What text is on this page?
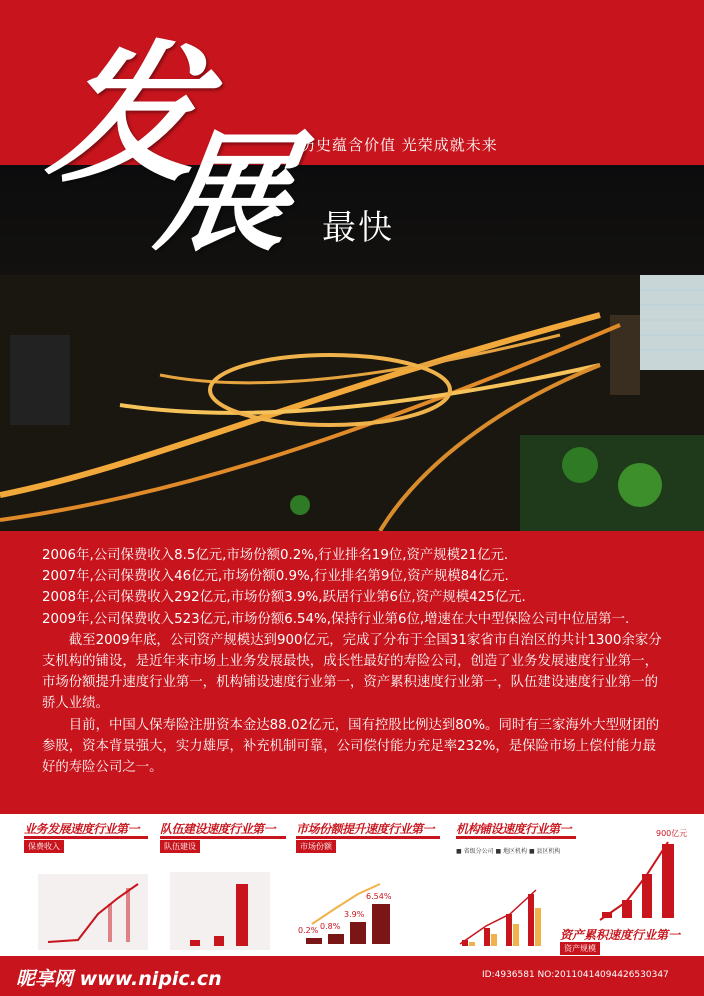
发
展 历史蕴含价值 光荣成就未来
最快

2006年,公司保费收入8.5亿元,市场份额0.2%,行业排名19位,资产规模21亿元.

2007年,公司保费收入46亿元,市场份额0.9%,行业排名第9位,资产规模84亿元.

2008年,公司保费收入292亿元,市场份额3.9%,跃居行业第6位,资产规模425亿元.

2009年,公司保费收入523亿元,市场份额6.54%,保持行业第6位,增速在大中型保险公司中位居第一.

截至2009年底，公司资产规模达到900亿元，完成了分布于全国31家省市自治区的共计1300余家分支机构的铺设，是近年来市场上业务发展最快，成长性最好的寿险公司，创造了业务发展速度行业第一，市场份额提升速度行业第一，机构铺设速度行业第一，资产累积速度行业第一，队伍建设速度行业第一的骄人业绩。

目前，中国人保寿险注册资本金达88.02亿元，国有控股比例达到80%。同时有三家海外大型财团的参股，资本背景强大，实力雄厚，补充机制可靠，公司偿付能力充足率232%，是保险市场上偿付能力最好的寿险公司之一。

业务发展速度行业第一
保费收入
队伍建设速度行业第一
队伍建设
市场份额提升速度行业第一
市场份额
0.2% 0.8%
3.9%
6.54%
机构铺设速度行业第一
■ 省级分公司 ■ 地区机构 ■ 县区机构
900亿元
资产累积速度行业第一
资产规模
昵享网 www.nipic.cn	ID:4936581 NO:20110414094426530347
